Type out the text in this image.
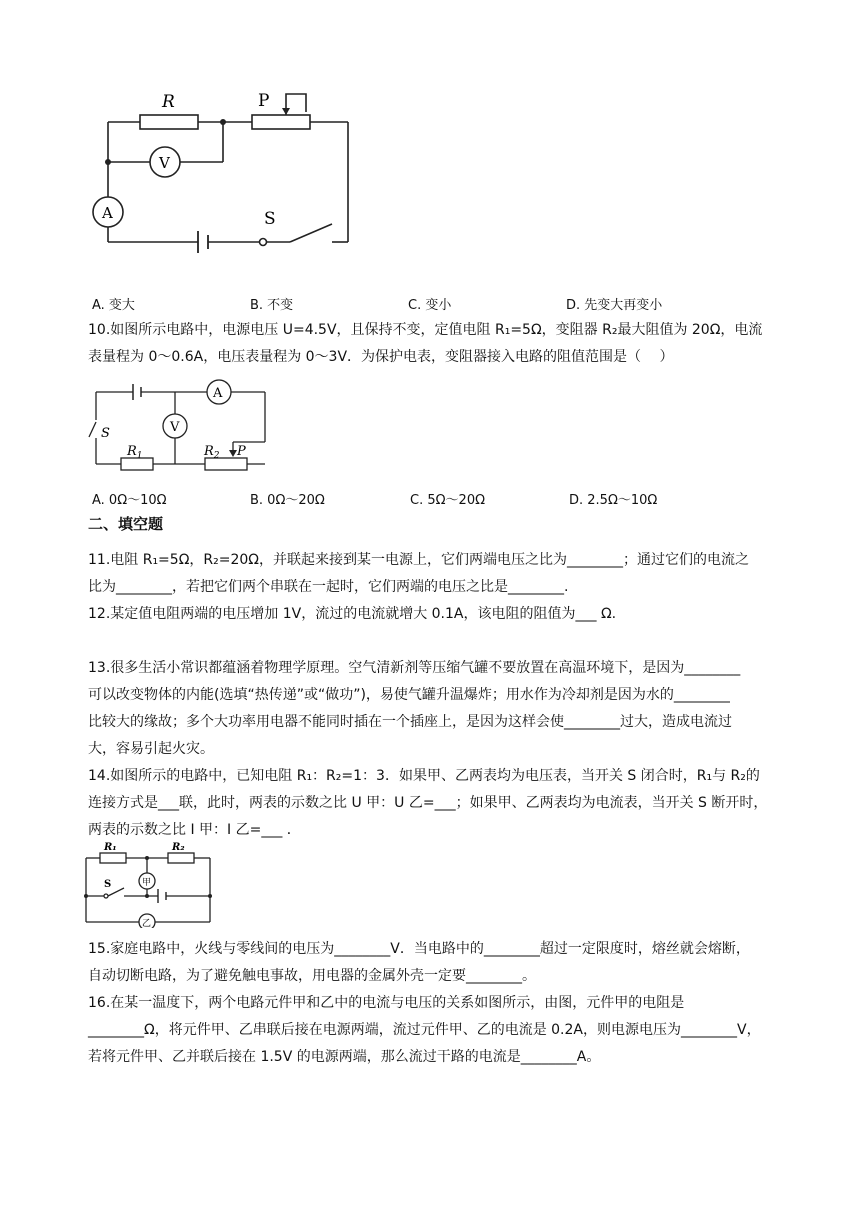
R	P
V
A	S
A. 变大	B. 不变	C. 变小	D. 先变大再变小
10.如图所示电路中，电源电压 U=4.5V，且保持不变，定值电阻 R₁=5Ω，变阻器 R₂最大阻值为 20Ω，电流
表量程为 0～0.6A，电压表量程为 0～3V．为保护电表，变阻器接入电路的阻值范围是（　 ）
A
V
S
$R_1$	$R_2$ P
A. 0Ω～10Ω	B. 0Ω～20Ω	C. 5Ω～20Ω	D. 2.5Ω～10Ω
二、填空题
11.电阻 R₁=5Ω，R₂=20Ω，并联起来接到某一电源上，它们两端电压之比为________；通过它们的电流之
比为________，若把它们两个串联在一起时，它们两端的电压之比是________.
12.某定值电阻两端的电压增加 1V，流过的电流就增大 0.1A，该电阻的阻值为___ Ω.
13.很多生活小常识都蕴涵着物理学原理。空气清新剂等压缩气罐不要放置在高温环境下，是因为________
可以改变物体的内能(选填“热传递”或“做功”)，易使气罐升温爆炸；用水作为冷却剂是因为水的________
比较大的缘故；多个大功率用电器不能同时插在一个插座上，是因为这样会使________过大，造成电流过
大，容易引起火灾。
14.如图所示的电路中，已知电阻 R₁：R₂=1：3．如果甲、乙两表均为电压表，当开关 S 闭合时，R₁与 R₂的
连接方式是___联，此时，两表的示数之比 U 甲：U 乙=___；如果甲、乙两表均为电流表，当开关 S 断开时，
两表的示数之比 I 甲：I 乙=___ ．
R₁	R₂
S	甲
乙
15.家庭电路中，火线与零线间的电压为________V．当电路中的________超过一定限度时，熔丝就会熔断，
自动切断电路，为了避免触电事故，用电器的金属外壳一定要________。
16.在某一温度下，两个电路元件甲和乙中的电流与电压的关系如图所示，由图，元件甲的电阻是
________Ω，将元件甲、乙串联后接在电源两端，流过元件甲、乙的电流是 0.2A，则电源电压为________V，
若将元件甲、乙并联后接在 1.5V 的电源两端，那么流过干路的电流是________A。
